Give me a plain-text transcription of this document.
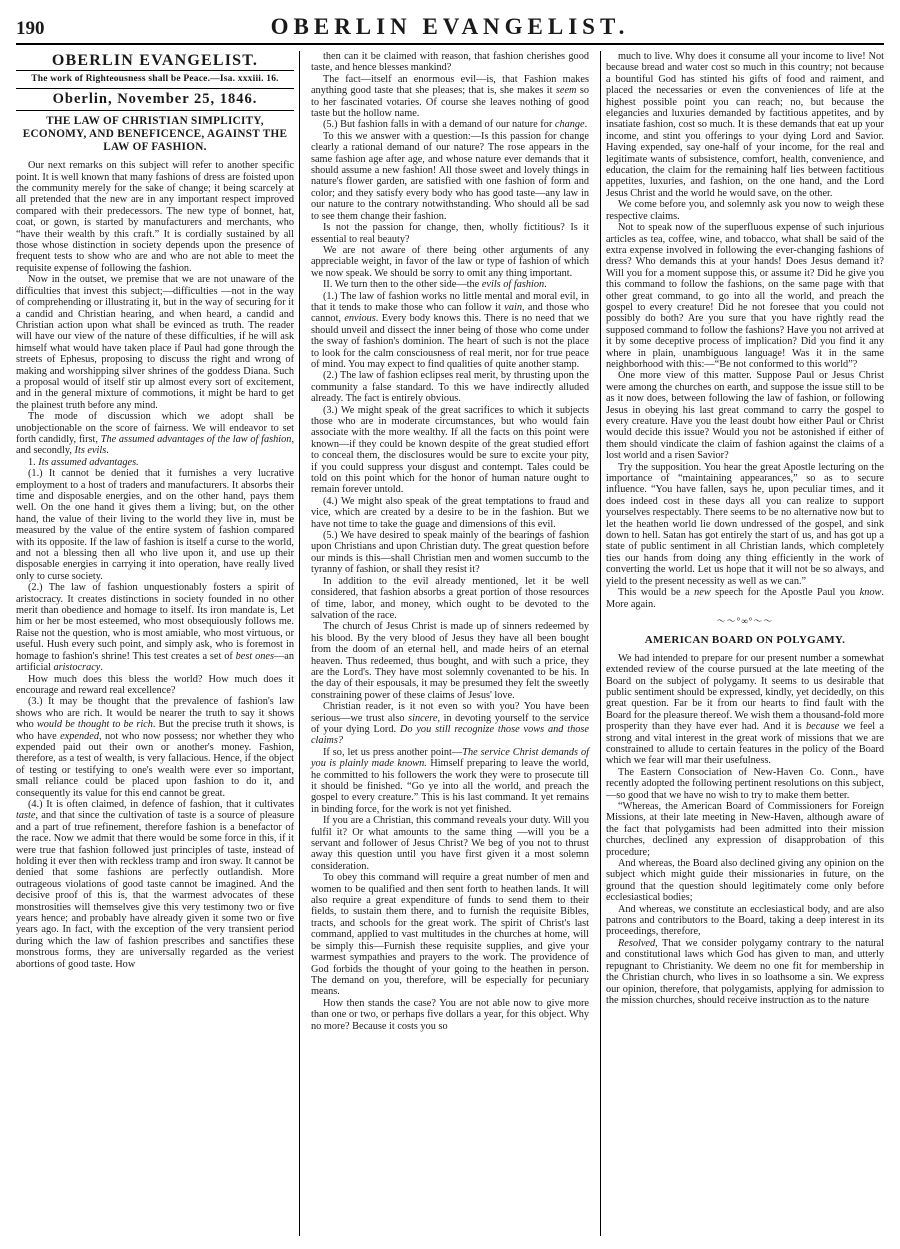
190	OBERLIN EVANGELIST.
OBERLIN EVANGELIST.
The work of Righteousness shall be Peace.—Isa. xxxiii. 16.
Oberlin, November 25, 1846.
THE LAW OF CHRISTIAN SIMPLICITY, ECONOMY, AND BENEFICENCE, AGAINST THE LAW OF FASHION.

Our next remarks on this subject will refer to another specific point. It is well known that many fashions of dress are foisted upon the community merely for the sake of change; it being scarcely at all pretended that the new are in any important respect improved compared with their predecessors. The new type of bonnet, hat, coat, or gown, is started by manufacturers and merchants, who “have their wealth by this craft.” It is cordially sustained by all those whose distinction in society depends upon the presence of frequent tests to show who are and who are not able to meet the requisite expense of following the fashion.

Now in the outset, we premise that we are not unaware of the difficulties that invest this subject;—difficulties —not in the way of comprehending or illustrating it, but in the way of securing for it a candid and Christian hearing, and when heard, a candid and Christian action upon what shall be evinced as truth. The reader will have our view of the nature of these difficulties, if he will ask himself what would have taken place if Paul had gone through the streets of Ephesus, proposing to discuss the right and wrong of making and worshipping silver shrines of the goddess Diana. Such a proposal would of itself stir up almost every sort of excitement, and in the general mixture of commotions, it might be hard to get the plainest truth before any mind.

The mode of discussion which we adopt shall be unobjectionable on the score of fairness. We will endeavor to set forth candidly, first, The assumed advantages of the law of fashion, and secondly, Its evils.

1. Its assumed advantages.

(1.) It cannot be denied that it furnishes a very lucrative employment to a host of traders and manufacturers. It absorbs their time and disposable energies, and on the other hand, pays them well. On the one hand it gives them a living; but, on the other hand, the value of their living to the world they live in, must be measured by the value of the entire system of fashion compared with its opposite. If the law of fashion is itself a curse to the world, and not a blessing then all who live upon it, and use up their disposable energies in carrying it into operation, have really lived only to curse society.

(2.) The law of fashion unquestionably fosters a spirit of aristocracy. It creates distinctions in society founded in no other merit than obedience and homage to itself. Its iron mandate is, Let him or her be most esteemed, who most obsequiously follows me. Raise not the question, who is most amiable, who most virtuous, or useful. Hush every such point, and simply ask, who is foremost in homage to fashion's shrine! This test creates a set of best ones—an artificial aristocracy.

How much does this bless the world? How much does it encourage and reward real excellence?

(3.) It may be thought that the prevalence of fashion's law shows who are rich. It would be nearer the truth to say it shows who would be thought to be rich. But the precise truth it shows, is who have expended, not who now possess; nor whether they who expended paid out their own or another's money. Fashion, therefore, as a test of wealth, is very fallacious. Hence, if the object of testing or testifying to one's wealth were ever so important, small reliance could be placed upon fashion to do it, and consequently its value for this end cannot be great.

(4.) It is often claimed, in defence of fashion, that it cultivates taste, and that since the cultivation of taste is a source of pleasure and a part of true refinement, therefore fashion is a benefactor of the race. Now we admit that there would be some force in this, if it were true that fashion followed just principles of taste, instead of holding it ever then with reckless tramp and iron sway. It cannot be denied that some fashions are perfectly outlandish. More outrageous violations of good taste cannot be imagined. And the decisive proof of this is, that the warmest advocates of these monstrosities will themselves give this very testimony two or five years hence; and probably have already given it some two or five years ago. In fact, with the exception of the very transient period during which the law of fashion prescribes and sanctifies these monstrous forms, they are universally regarded as the veriest abortions of good taste. How

then can it be claimed with reason, that fashion cherishes good taste, and hence blesses mankind?

The fact—itself an enormous evil—is, that Fashion makes anything good taste that she pleases; that is, she makes it seem so to her fascinated votaries. Of course she leaves nothing of good taste but the hollow name.

(5.) But fashion falls in with a demand of our nature for change.

To this we answer with a question:—Is this passion for change clearly a rational demand of our nature? The rose appears in the same fashion age after age, and whose nature ever demands that it should assume a new fashion! All those sweet and lovely things in nature's flower garden, are satisfied with one fashion of form and color; and they satisfy every body who has good taste—any law in our nature to the contrary notwithstanding. Who should all be sad to see them change their fashion.

Is not the passion for change, then, wholly fictitious? Is it essential to real beauty?

We are not aware of there being other arguments of any appreciable weight, in favor of the law or type of fashion of which we now speak. We should be sorry to omit any thing important.

II. We turn then to the other side—the evils of fashion.

(1.) The law of fashion works no little mental and moral evil, in that it tends to make those who can follow it vain, and those who cannot, envious. Every body knows this. There is no need that we should unveil and dissect the inner being of those who come under the sway of fashion's dominion. The heart of such is not the place to look for the calm consciousness of real merit, nor for true peace of mind. You may expect to find qualities of quite another stamp.

(2.) The law of fashion eclipses real merit, by thrusting upon the community a false standard. To this we have indirectly alluded already. The fact is entirely obvious.

(3.) We might speak of the great sacrifices to which it subjects those who are in moderate circumstances, but who would fain associate with the more wealthy. If all the facts on this point were known—if they could be known despite of the great studied effort to conceal them, the disclosures would be sure to excite your pity, if you could suppress your disgust and contempt. Tales could be told on this point which for the honor of human nature ought to remain forever untold.

(4.) We might also speak of the great temptations to fraud and vice, which are created by a desire to be in the fashion. But we have not time to take the guage and dimensions of this evil.

(5.) We have desired to speak mainly of the bearings of fashion upon Christians and upon Christian duty. The great question before our minds is this—shall Christian men and women succumb to the tyranny of fashion, or shall they resist it?

In addition to the evil already mentioned, let it be well considered, that fashion absorbs a great portion of those resources of time, labor, and money, which ought to be devoted to the salvation of the race.

The church of Jesus Christ is made up of sinners redeemed by his blood. By the very blood of Jesus they have all been bought from the doom of an eternal hell, and made heirs of an eternal heaven. Thus redeemed, thus bought, and with such a price, they are the Lord's. They have most solemnly covenanted to be his. In the day of their espousals, it may be presumed they felt the sweetly constraining power of these claims of Jesus' love.

Christian reader, is it not even so with you? You have been serious—we trust also sincere, in devoting yourself to the service of your dying Lord. Do you still recognize those vows and those claims?

If so, let us press another point—The service Christ demands of you is plainly made known. Himself preparing to leave the world, he committed to his followers the work they were to prosecute till it should be finished. “Go ye into all the world, and preach the gospel to every creature.” This is his last command. It yet remains in binding force, for the work is not yet finished.

If you are a Christian, this command reveals your duty. Will you fulfil it? Or what amounts to the same thing —will you be a servant and follower of Jesus Christ? We beg of you not to thrust away this question until you have first given it a most solemn consideration.

To obey this command will require a great number of men and women to be qualified and then sent forth to heathen lands. It will also require a great expenditure of funds to send them to their fields, to sustain them there, and to furnish the requisite Bibles, tracts, and schools for the great work. The spirit of Christ's last command, applied to vast multitudes in the churches at home, will be simply this—Furnish these requisite supplies, and give your warmest sympathies and prayers to the work. The providence of God forbids the thought of your going to the heathen in person. The demand on you, therefore, will be especially for pecuniary means.

How then stands the case? You are not able now to give more than one or two, or perhaps five dollars a year, for this object. Why no more? Because it costs you so

much to live. Why does it consume all your income to live! Not because bread and water cost so much in this country; not because a bountiful God has stinted his gifts of food and raiment, and placed the necessaries or even the conveniences of life at the highest possible point you can reach; no, but because the elegancies and luxuries demanded by factitious appetites, and by insatiate fashion, cost so much. It is these demands that eat up your income, and stint you offerings to your dying Lord and Savior. Having expended, say one-half of your income, for the real and legitimate wants of subsistence, comfort, health, convenience, and education, the claim for the remaining half lies between factitious appetites, luxuries, and fashion, on the one hand, and the Lord Jesus Christ and the world he would save, on the other.

We come before you, and solemnly ask you now to weigh these respective claims.

Not to speak now of the superfluous expense of such injurious articles as tea, coffee, wine, and tobacco, what shall be said of the extra expense involved in following the ever-changing fashions of dress? Who demands this at your hands! Does Jesus demand it? Will you for a moment suppose this, or assume it? Did he give you this command to follow the fashions, on the same page with that other great command, to go into all the world, and preach the gospel to every creature! Did he not foresee that you could not possibly do both? Are you sure that you have rightly read the supposed command to follow the fashions? Have you not arrived at it by some deceptive process of implication? Did you find it any where in plain, unambiguous language! Was it in the same neighborhood with this:—“Be not conformed to this world”?

One more view of this matter. Suppose Paul or Jesus Christ were among the churches on earth, and suppose the issue still to be as it now does, between following the law of fashion, or following Jesus in obeying his last great command to carry the gospel to every creature. Have you the least doubt how either Paul or Christ would decide this issue? Would you not be astonished if either of them should vindicate the claim of fashion against the claims of a lost world and a risen Savior?

Try the supposition. You hear the great Apostle lecturing on the importance of “maintaining appearances,” so as to secure influence. “You have fallen, says he, upon peculiar times, and it does indeed cost in these days all you can realize to support yourselves respectably. There seems to be no alternative now but to let the heathen world lie down undressed of the gospel, and sink down to hell. Satan has got entirely the start of us, and has got up a state of public sentiment in all Christian lands, which completely ties our hands from doing any thing efficiently in the work of converting the world. Let us hope that it will not be so always, and yield to the present necessity as well as we can.”

This would be a new speech for the Apostle Paul you know. More again.

〜〜°∞°〜〜
AMERICAN BOARD ON POLYGAMY.

We had intended to prepare for our present number a somewhat extended review of the course pursued at the late meeting of the Board on the subject of polygamy. It seems to us desirable that public sentiment should be expressed, kindly, yet decidedly, on this great question. Far be it from our hearts to find fault with the Board for the pleasure thereof. We wish them a thousand-fold more prosperity than they have ever had. And it is because we feel a strong and vital interest in the great work of missions that we are constrained to allude to certain features in the policy of the Board which we fear will mar their usefulness.

The Eastern Consociation of New-Haven Co. Conn., have recently adopted the following pertinent resolutions on this subject,—so good that we have no wish to try to make them better.

“Whereas, the American Board of Commissioners for Foreign Missions, at their late meeting in New-Haven, although aware of the fact that polygamists had been admitted into their mission churches, declined any expression of disapprobation of this procedure;

And whereas, the Board also declined giving any opinion on the subject which might guide their missionaries in future, on the ground that the question should legitimately come only before ecclesiastical bodies;

And whereas, we constitute an ecclesiastical body, and are also patrons and contributors to the Board, taking a deep interest in its proceedings, therefore,

Resolved, That we consider polygamy contrary to the natural and constitutional laws which God has given to man, and utterly repugnant to Christianity. We deem no one fit for membership in the Christian church, who lives in so loathsome a sin. We express our opinion, therefore, that polygamists, applying for admission to the mission churches, should receive instruction as to the nature
